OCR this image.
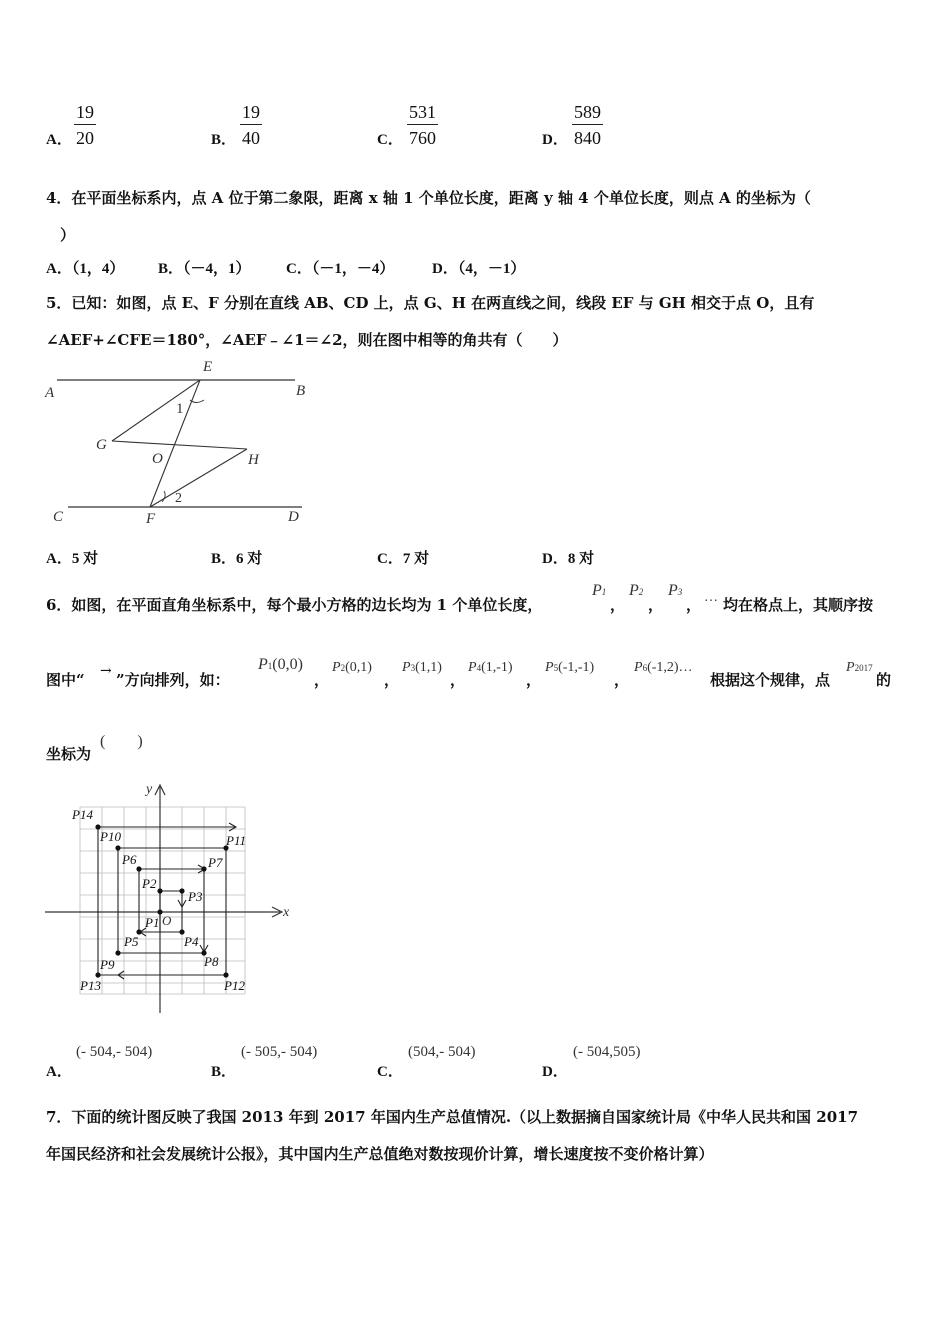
A． $\frac{19}{20}$	B． $\frac{19}{40}$	C． $\frac{531}{760}$	D． $\frac{589}{840}$
4．在平面坐标系内，点 A 位于第二象限，距离 x 轴 1 个单位长度，距离 y 轴 4 个单位长度，则点 A 的坐标为（
）
A．（1，4） B．（－4，1） C．（－1，－4）	D．（4，－1）
5．已知：如图，点 E、F 分别在直线 AB、CD 上，点 G、H 在两直线之间，线段 EF 与 GH 相交于点 O，且有
∠AEF+∠CFE＝180°，∠AEF﹣∠1＝∠2，则在图中相等的角共有（　　）
A	B
C	D
E
F
G
H
O
1
2
A．5 对	B．6 对	C．7 对	D．8 对
6．如图，在平面直角坐标系中，每个最小方格的边长均为 1 个单位长度，
P1
，
P2
，
P3
， … 均在格点上，其顺序按
图中“ → ”方向排列，如：
P1(0,0)
，
P2(0,1)
，
P3(1,1)
，
P4(1,-1)
，
P5(-1,-1)
，
P6(-1,2)…
根据这个规律，点
P2017
的
坐标为
(　　)
x
y
O
P14
P10
P6
P2
P1
P3
P7
P11
P4
P5
P8
P9
P12
P13
A．
(- 504,- 504)
B．
(- 505,- 504)
C．
(504,- 504)
D．
(- 504,505)
7．下面的统计图反映了我国 2013 年到 2017 年国内生产总值情况.（以上数据摘自国家统计局《中华人民共和国 2017
年国民经济和社会发展统计公报》，其中国内生产总值绝对数按现价计算，增长速度按不变价格计算）
